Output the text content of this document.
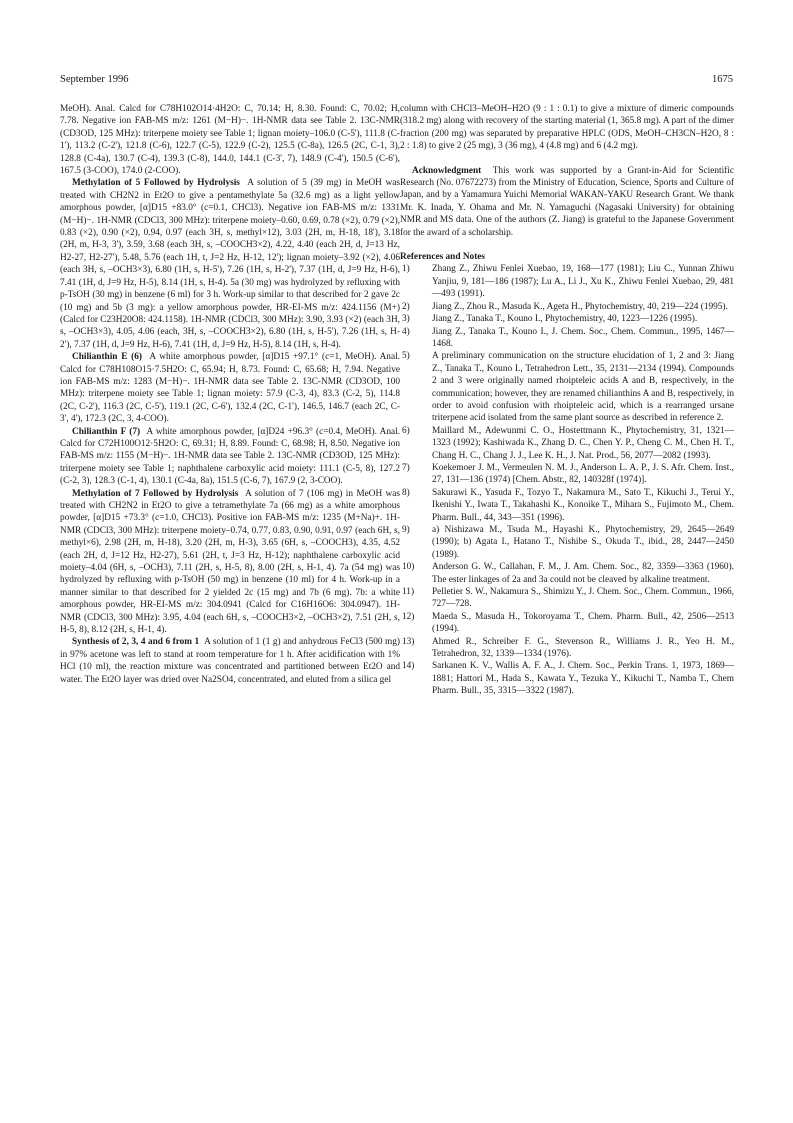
September 1996	1675

MeOH). Anal. Calcd for C78H102O14·4H2O: C, 70.14; H, 8.30. Found: C, 70.02; H, 7.78. Negative ion FAB-MS m/z: 1261 (M−H)−. 1H-NMR data see Table 2. 13C-NMR (CD3OD, 125 MHz): triterpene moiety see Table 1; lignan moiety–106.0 (C-5'), 111.8 (C-1'), 113.2 (C-2'), 121.8 (C-6), 122.7 (C-5), 122.9 (C-2), 125.5 (C-8a), 126.5 (2C, C-1, 3), 128.8 (C-4a), 130.7 (C-4), 139.3 (C-8), 144.0, 144.1 (C-3', 7), 148.9 (C-4'), 150.5 (C-6'), 167.5 (3-COO), 174.0 (2-COO).

Methylation of 5 Followed by Hydrolysis A solution of 5 (39 mg) in MeOH was treated with CH2N2 in Et2O to give a pentamethylate 5a (32.6 mg) as a light yellow amorphous powder, [α]D15 +83.0° (c=0.1, CHCl3). Negative ion FAB-MS m/z: 1331 (M−H)−. 1H-NMR (CDCl3, 300 MHz): triterpene moiety–0.60, 0.69, 0.78 (×2), 0.79 (×2), 0.83 (×2), 0.90 (×2), 0.94, 0.97 (each 3H, s, methyl×12), 3.03 (2H, m, H-18, 18'), 3.18 (2H, m, H-3, 3'), 3.59, 3.68 (each 3H, s, –COOCH3×2), 4.22, 4.40 (each 2H, d, J=13 Hz, H2-27, H2-27'), 5.48, 5.76 (each 1H, t, J=2 Hz, H-12, 12'); lignan moiety–3.92 (×2), 4.06 (each 3H, s, –OCH3×3), 6.80 (1H, s, H-5'), 7.26 (1H, s, H-2'), 7.37 (1H, d, J=9 Hz, H-6), 7.41 (1H, d, J=9 Hz, H-5), 8.14 (1H, s, H-4). 5a (30 mg) was hydrolyzed by refluxing with p-TsOH (30 mg) in benzene (6 ml) for 3 h. Work-up similar to that described for 2 gave 2c (10 mg) and 5b (3 mg): a yellow amorphous powder, HR-EI-MS m/z: 424.1156 (M+) (Calcd for C23H20O8: 424.1158). 1H-NMR (CDCl3, 300 MHz): 3.90, 3.93 (×2) (each 3H, s, –OCH3×3), 4.05, 4.06 (each, 3H, s, –COOCH3×2), 6.80 (1H, s, H-5'), 7.26 (1H, s, H-2'), 7.37 (1H, d, J=9 Hz, H-6), 7.41 (1H, d, J=9 Hz, H-5), 8.14 (1H, s, H-4).

Chilianthin E (6) A white amorphous powder, [α]D15 +97.1° (c=1, MeOH). Anal. Calcd for C78H108O15·7.5H2O: C, 65.94; H, 8.73. Found: C, 65.68; H, 7.94. Negative ion FAB-MS m/z: 1283 (M−H)−. 1H-NMR data see Table 2. 13C-NMR (CD3OD, 100 MHz): triterpene moiety see Table 1; lignan moiety: 57.9 (C-3, 4), 83.3 (C-2, 5), 114.8 (2C, C-2'), 116.3 (2C, C-5'), 119.1 (2C, C-6'), 132.4 (2C, C-1'), 146.5, 146.7 (each 2C, C-3', 4'), 172.3 (2C, 3, 4-COO).

Chilianthin F (7) A white amorphous powder, [α]D24 +96.3° (c=0.4, MeOH). Anal. Calcd for C72H100O12·5H2O: C, 69.31; H, 8.89. Found: C, 68.98; H, 8.50. Negative ion FAB-MS m/z: 1155 (M−H)−. 1H-NMR data see Table 2. 13C-NMR (CD3OD, 125 MHz): triterpene moiety see Table 1; naphthalene carboxylic acid moiety: 111.1 (C-5, 8), 127.2 (C-2, 3), 128.3 (C-1, 4), 130.1 (C-4a, 8a), 151.5 (C-6, 7), 167.9 (2, 3-COO).

Methylation of 7 Followed by Hydrolysis A solution of 7 (106 mg) in MeOH was treated with CH2N2 in Et2O to give a tetramethylate 7a (66 mg) as a white amorphous powder, [α]D15 +73.3° (c=1.0, CHCl3). Positive ion FAB-MS m/z: 1235 (M+Na)+. 1H-NMR (CDCl3, 300 MHz): triterpene moiety–0.74, 0.77, 0.83, 0.90, 0.91, 0.97 (each 6H, s, methyl×6), 2.98 (2H, m, H-18), 3.20 (2H, m, H-3), 3.65 (6H, s, –COOCH3), 4.35, 4.52 (each 2H, d, J=12 Hz, H2-27), 5.61 (2H, t, J=3 Hz, H-12); naphthalene carboxylic acid moiety–4.04 (6H, s, –OCH3), 7.11 (2H, s, H-5, 8), 8.00 (2H, s, H-1, 4). 7a (54 mg) was hydrolyzed by refluxing with p-TsOH (50 mg) in benzene (10 ml) for 4 h. Work-up in a manner similar to that described for 2 yielded 2c (15 mg) and 7b (6 mg). 7b: a white amorphous powder, HR-EI-MS m/z: 304.0941 (Calcd for C16H16O6: 304.0947). 1H-NMR (CDCl3, 300 MHz): 3.95, 4.04 (each 6H, s, –COOCH3×2, –OCH3×2), 7.51 (2H, s, H-5, 8), 8.12 (2H, s, H-1, 4).

Synthesis of 2, 3, 4 and 6 from 1 A solution of 1 (1 g) and anhydrous FeCl3 (500 mg) in 97% acetone was left to stand at room temperature for 1 h. After acidification with 1% HCl (10 ml), the reaction mixture was concentrated and partitioned between Et2O and water. The Et2O layer was dried over Na2SO4, concentrated, and eluted from a silica gel

column with CHCl3–MeOH–H2O (9 : 1 : 0.1) to give a mixture of dimeric compounds (318.2 mg) along with recovery of the starting material (1, 365.8 mg). A part of the dimer fraction (200 mg) was separated by preparative HPLC (ODS, MeOH–CH3CN–H2O, 8 : 2 : 1.8) to give 2 (25 mg), 3 (36 mg), 4 (4.8 mg) and 6 (4.2 mg).

Acknowledgment This work was supported by a Grant-in-Aid for Scientific Research (No. 07672273) from the Ministry of Education, Science, Sports and Culture of Japan, and by a Yamamura Yuichi Memorial WAKAN-YAKU Research Grant. We thank Mr. K. Inada, Y. Ohama and Mr. N. Yamaguchi (Nagasaki University) for obtaining NMR and MS data. One of the authors (Z. Jiang) is grateful to the Japanese Government for the award of a scholarship.

References and Notes

1)	Zhang Z., Zhiwu Fenlei Xuebao, 19, 168—177 (1981); Liu C., Yunnan Zhiwu Yanjiu, 9, 181—186 (1987); Lu A., Li J., Xu K., Zhiwu Fenlei Xuebao, 29, 481—493 (1991).
2)	Jiang Z., Zhou R., Masuda K., Ageta H., Phytochemistry, 40, 219—224 (1995).
3)	Jiang Z., Tanaka T., Kouno I., Phytochemistry, 40, 1223—1226 (1995).
4)	Jiang Z., Tanaka T., Kouno I., J. Chem. Soc., Chem. Commun., 1995, 1467—1468.
5)	A preliminary communication on the structure elucidation of 1, 2 and 3: Jiang Z., Tanaka T., Kouno I., Tetrahedron Lett., 35, 2131—2134 (1994). Compounds 2 and 3 were originally named rhoipteleic acids A and B, respectively, in the communication; however, they are renamed chilianthins A and B, respectively, in order to avoid confusion with rhoipteleic acid, which is a rearranged ursane triterpene acid isolated from the same plant source as described in reference 2.
6)	Maillard M., Adewunmi C. O., Hostettmann K., Phytochemistry, 31, 1321—1323 (1992); Kashiwada K., Zhang D. C., Chen Y. P., Cheng C. M., Chen H. T., Chang H. C., Chang J. J., Lee K. H., J. Nat. Prod., 56, 2077—2082 (1993).
7)	Koekemoer J. M., Vermeulen N. M. J., Anderson L. A. P., J. S. Afr. Chem. Inst., 27, 131—136 (1974) [Chem. Abstr., 82, 140328f (1974)].
8)	Sakurawi K., Yasuda F., Tozyo T., Nakamura M., Sato T., Kikuchi J., Terui Y., Ikenishi Y., Iwata T., Takahashi K., Konoike T., Mihara S., Fujimoto M., Chem. Pharm. Bull., 44, 343—351 (1996).
9)	a) Nishizawa M., Tsuda M., Hayashi K., Phytochemistry, 29, 2645—2649 (1990); b) Agata I., Hatano T., Nishibe S., Okuda T., ibid., 28, 2447—2450 (1989).
10)	Anderson G. W., Callahan, F. M., J. Am. Chem. Soc., 82, 3359—3363 (1960). The ester linkages of 2a and 3a could not be cleaved by alkaline treatment.
11)	Pelletier S. W., Nakamura S., Shimizu Y., J. Chem. Soc., Chem. Commun., 1966, 727—728.
12)	Maeda S., Masuda H., Tokoroyama T., Chem. Pharm. Bull., 42, 2506—2513 (1994).
13)	Ahmed R., Schreiber F. G., Stevenson R., Williams J. R., Yeo H. M., Tetrahedron, 32, 1339—1334 (1976).
14)	Sarkanen K. V., Wallis A. F. A., J. Chem. Soc., Perkin Trans. 1, 1973, 1869—1881; Hattori M., Hada S., Kawata Y., Tezuka Y., Kikuchi T., Namba T., Chem Pharm. Bull., 35, 3315—3322 (1987).
